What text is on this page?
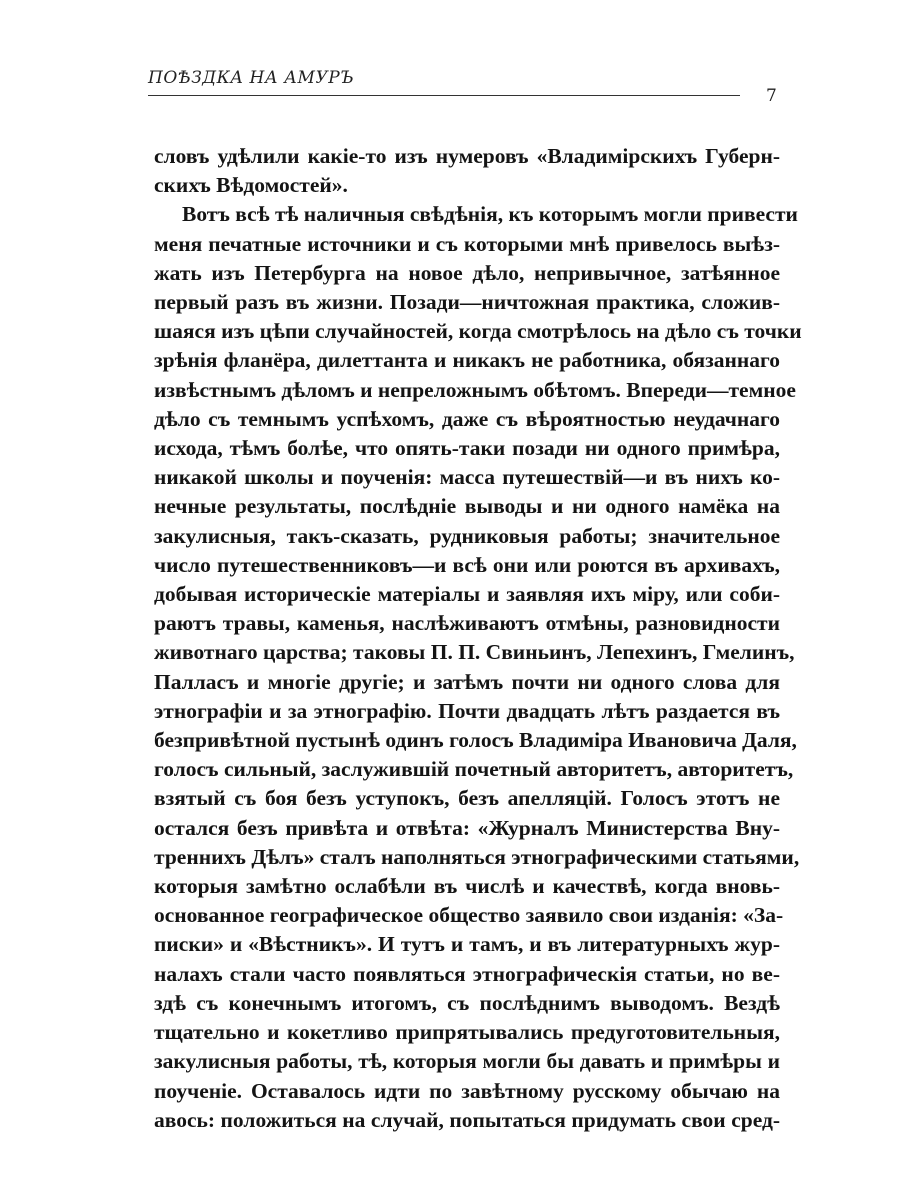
ПОѢЗДКА НА АМУРЪ
7
словъ удѣлили какіе-то изъ нумеровъ «Владимірскихъ Губерн-
скихъ Вѣдомостей».
Вотъ всѣ тѣ наличныя свѣдѣнія, къ которымъ могли привести
меня печатные источники и съ которыми мнѣ привелось выѣз-
жать изъ Петербурга на новое дѣло, непривычное, затѣянное
первый разъ въ жизни. Позади—ничтожная практика, сложив-
шаяся изъ цѣпи случайностей, когда смотрѣлось на дѣло съ точки
зрѣнія фланёра, дилеттанта и никакъ не работника, обязаннаго
извѣстнымъ дѣломъ и непреложнымъ обѣтомъ. Впереди—темное
дѣло съ темнымъ успѣхомъ, даже съ вѣроятностью неудачнаго
исхода, тѣмъ болѣе, что опять-таки позади ни одного примѣра,
никакой школы и поученія: масса путешествій—и въ нихъ ко-
нечные результаты, послѣдніе выводы и ни одного намёка на
закулисныя, такъ-сказать, рудниковыя работы; значительное
число путешественниковъ—и всѣ они или роются въ архивахъ,
добывая историческіе матеріалы и заявляя ихъ міру, или соби-
раютъ травы, каменья, наслѣживаютъ отмѣны, разновидности
животнаго царства; таковы П. П. Свиньинъ, Лепехинъ, Гмелинъ,
Палласъ и многіе другіе; и затѣмъ почти ни одного слова для
этнографіи и за этнографію. Почти двадцать лѣтъ раздается въ
безпривѣтной пустынѣ одинъ голосъ Владиміра Ивановича Даля,
голосъ сильный, заслужившій почетный авторитетъ, авторитетъ,
взятый съ боя безъ уступокъ, безъ апелляцій. Голосъ этотъ не
остался безъ привѣта и отвѣта: «Журналъ Министерства Вну-
треннихъ Дѣлъ» сталъ наполняться этнографическими статьями,
которыя замѣтно ослабѣли въ числѣ и качествѣ, когда вновь-
основанное географическое общество заявило свои изданія: «За-
писки» и «Вѣстникъ». И тутъ и тамъ, и въ литературныхъ жур-
налахъ стали часто появляться этнографическія статьи, но ве-
здѣ съ конечнымъ итогомъ, съ послѣднимъ выводомъ. Вездѣ
тщательно и кокетливо припрятывались предуготовительныя,
закулисныя работы, тѣ, которыя могли бы давать и примѣры и
поученіе. Оставалось идти по завѣтному русскому обычаю на
авось: положиться на случай, попытаться придумать свои сред-
